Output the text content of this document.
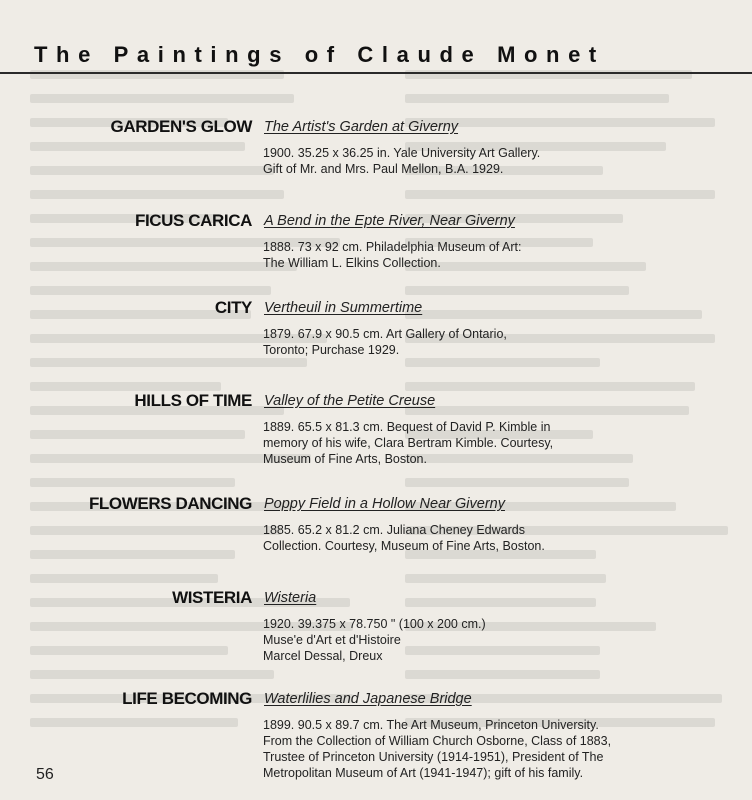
The Paintings of Claude Monet
GARDEN'S GLOW The Artist's Garden at Giverny
1900. 35.25 x 36.25 in. Yale University Art Gallery.
Gift of Mr. and Mrs. Paul Mellon, B.A. 1929.
FICUS CARICA A Bend in the Epte River, Near Giverny
1888. 73 x 92 cm. Philadelphia Museum of Art:
The William L. Elkins Collection.
CITY Vertheuil in Summertime
1879. 67.9 x 90.5 cm. Art Gallery of Ontario,
Toronto; Purchase 1929.
HILLS OF TIME Valley of the Petite Creuse
1889. 65.5 x 81.3 cm. Bequest of David P. Kimble in
memory of his wife, Clara Bertram Kimble. Courtesy,
Museum of Fine Arts, Boston.
FLOWERS DANCING Poppy Field in a Hollow Near Giverny
1885. 65.2 x 81.2 cm. Juliana Cheney Edwards
Collection. Courtesy, Museum of Fine Arts, Boston.
WISTERIA Wisteria
1920. 39.375 x 78.750 " (100 x 200 cm.)
Muse'e d'Art et d'Histoire
Marcel Dessal, Dreux
LIFE BECOMING Waterlilies and Japanese Bridge
1899. 90.5 x 89.7 cm. The Art Museum, Princeton University.
From the Collection of William Church Osborne, Class of 1883,
Trustee of Princeton University (1914-1951), President of The
Metropolitan Museum of Art (1941-1947); gift of his family.
56
